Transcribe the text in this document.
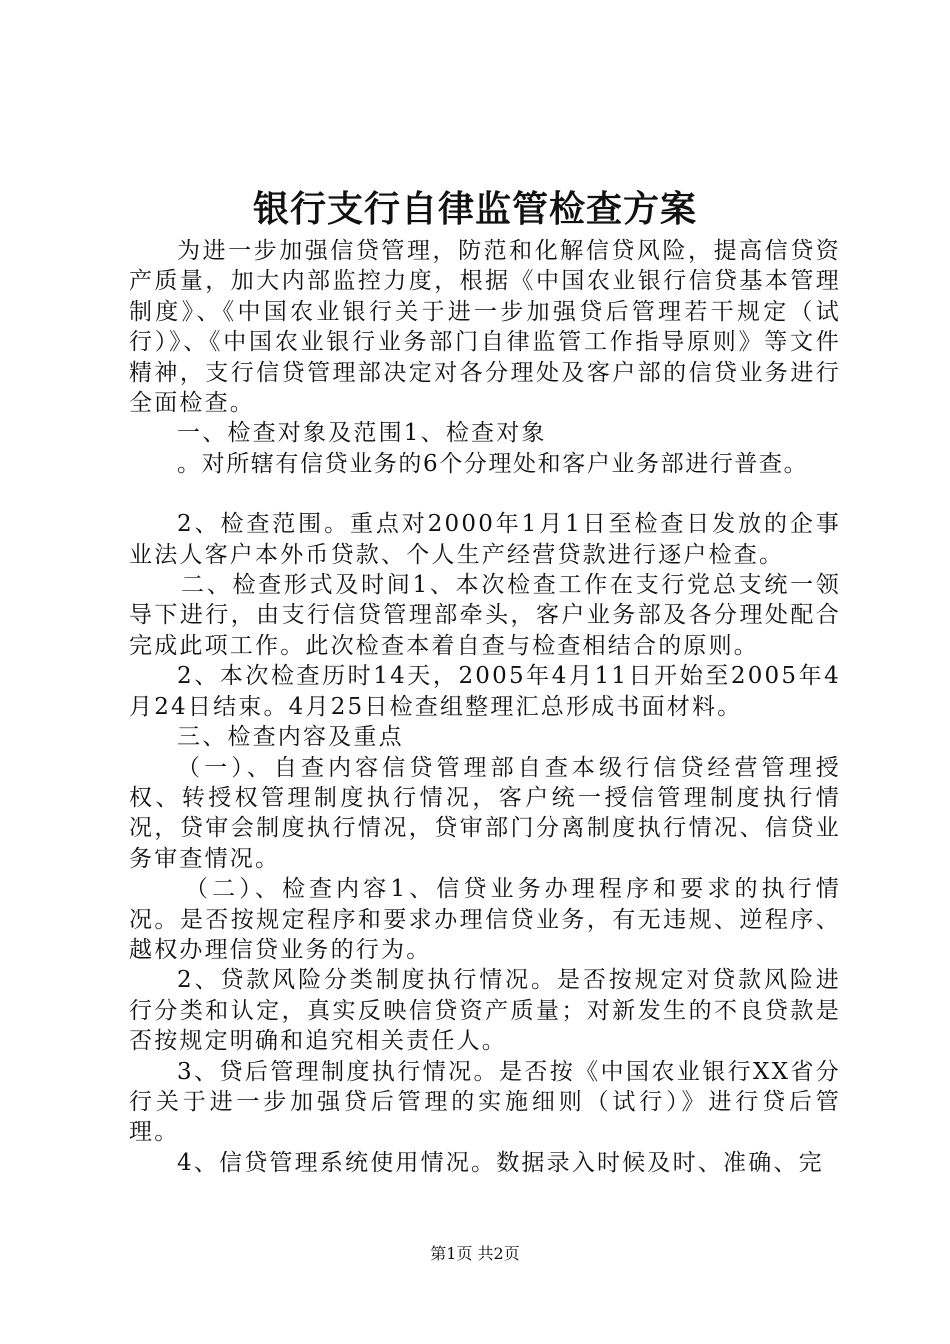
银行支行自律监管检查方案

为进一步加强信贷管理，防范和化解信贷风险，提高信贷资产质量，加大内部监控力度，根据《中国农业银行信贷基本管理制度》、《中国农业银行关于进一步加强贷后管理若干规定（试行）》、《中国农业银行业务部门自律监管工作指导原则》等文件精神，支行信贷管理部决定对各分理处及客户部的信贷业务进行全面检查。

一、检查对象及范围1、检查对象

。对所辖有信贷业务的6个分理处和客户业务部进行普查。

2、检查范围。重点对2000年1月1日至检查日发放的企事业法人客户本外币贷款、个人生产经营贷款进行逐户检查。

二、检查形式及时间1、本次检查工作在支行党总支统一领导下进行，由支行信贷管理部牵头，客户业务部及各分理处配合完成此项工作。此次检查本着自查与检查相结合的原则。

2、本次检查历时14天，2005年4月11日开始至2005年4月24日结束。4月25日检查组整理汇总形成书面材料。

三、检查内容及重点

（一）、自查内容信贷管理部自查本级行信贷经营管理授权、转授权管理制度执行情况，客户统一授信管理制度执行情况，贷审会制度执行情况，贷审部门分离制度执行情况、信贷业务审查情况。

（二）、检查内容1、信贷业务办理程序和要求的执行情况。是否按规定程序和要求办理信贷业务，有无违规、逆程序、越权办理信贷业务的行为。

2、贷款风险分类制度执行情况。是否按规定对贷款风险进行分类和认定，真实反映信贷资产质量；对新发生的不良贷款是否按规定明确和追究相关责任人。

3、贷后管理制度执行情况。是否按《中国农业银行XX省分行关于进一步加强贷后管理的实施细则（试行）》进行贷后管理。

4、信贷管理系统使用情况。数据录入时候及时、准确、完

第1页 共2页
